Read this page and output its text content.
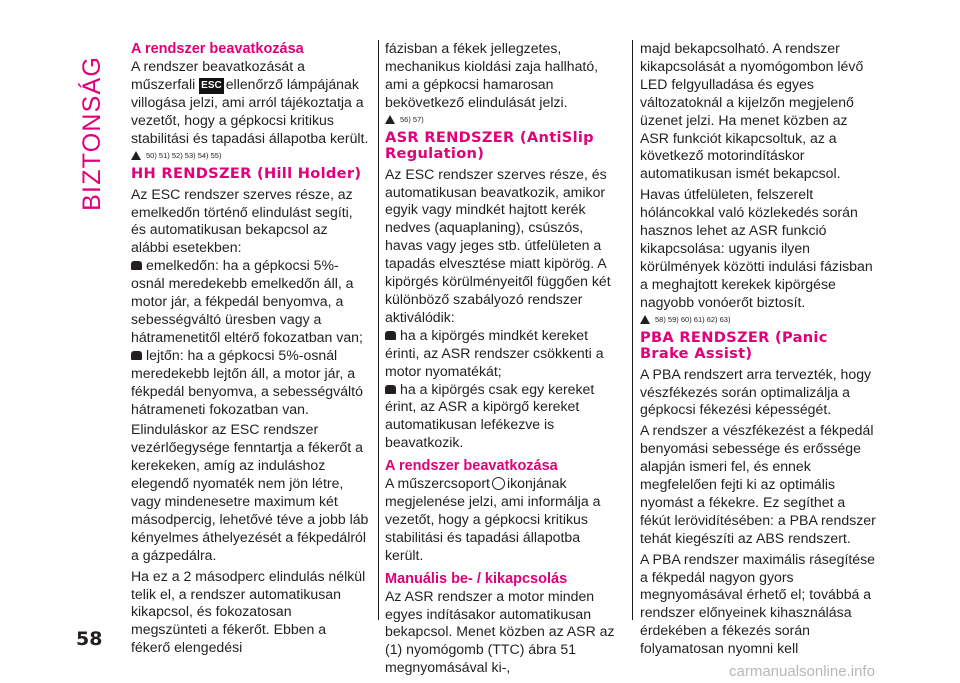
BIZTONSÁG

A rendszer beavatkozása

A rendszer beavatkozását a műszerfali ESC ellenőrző lámpájának villogása jelzi, ami arról tájékoztatja a vezetőt, hogy a gépkocsi kritikus stabilitási és tapadási állapotba került.

50) 51) 52) 53) 54) 55)

HH RENDSZER (Hill Holder)

Az ESC rendszer szerves része, az emelkedőn történő elindulást segíti, és automatikusan bekapcsol az alábbi esetekben:

emelkedőn: ha a gépkocsi 5%-osnál meredekebb emelkedőn áll, a motor jár, a fékpedál benyomva, a sebességváltó üresben vagy a hátramenetitől eltérő fokozatban van;

lejtőn: ha a gépkocsi 5%-osnál meredekebb lejtőn áll, a motor jár, a fékpedál benyomva, a sebességváltó hátrameneti fokozatban van.

Elinduláskor az ESC rendszer vezérlőegysége fenntartja a fékerőt a kerekeken, amíg az induláshoz elegendő nyomaték nem jön létre, vagy mindenesetre maximum két másodpercig, lehetővé téve a jobb láb kényelmes áthelyezését a fékpedálról a gázpedálra.

Ha ez a 2 másodperc elindulás nélkül telik el, a rendszer automatikusan kikapcsol, és fokozatosan megszünteti a fékerőt. Ebben a fékerő elengedési

fázisban a fékek jellegzetes, mechanikus kioldási zaja hallható, ami a gépkocsi hamarosan bekövetkező elindulását jelzi.

56) 57)

ASR RENDSZER (AntiSlip Regulation)

Az ESC rendszer szerves része, és automatikusan beavatkozik, amikor egyik vagy mindkét hajtott kerék nedves (aquaplaning), csúszós, havas vagy jeges stb. útfelületen a tapadás elvesztése miatt kipörög. A kipörgés körülményeitől függően két különböző szabályozó rendszer aktiválódik:

ha a kipörgés mindkét kereket érinti, az ASR rendszer csökkenti a motor nyomatékát;

ha a kipörgés csak egy kereket érint, az ASR a kipörgő kereket automatikusan lefékezve is beavatkozik.

A rendszer beavatkozása

A műszercsoport ikonjának megjelenése jelzi, ami informálja a vezetőt, hogy a gépkocsi kritikus stabilitási és tapadási állapotba került.

Manuális be- / kikapcsolás

Az ASR rendszer a motor minden egyes indításakor automatikusan bekapcsol. Menet közben az ASR az (1) nyomógomb (TTC) ábra 51 megnyomásával ki-,

majd bekapcsolható. A rendszer kikapcsolását a nyomógombon lévő LED felgyulladása és egyes változatoknál a kijelzőn megjelenő üzenet jelzi. Ha menet közben az ASR funkciót kikapcsoltuk, az a következő motorindításkor automatikusan ismét bekapcsol.

Havas útfelületen, felszerelt hóláncokkal való közlekedés során hasznos lehet az ASR funkció kikapcsolása: ugyanis ilyen körülmények közötti indulási fázisban a meghajtott kerekek kipörgése nagyobb vonóerőt biztosít.

58) 59) 60) 61) 62) 63)

PBA RENDSZER (Panic Brake Assist)

A PBA rendszert arra tervezték, hogy vészfékezés során optimalizálja a gépkocsi fékezési képességét.

A rendszer a vészfékezést a fékpedál benyomási sebessége és erőssége alapján ismeri fel, és ennek megfelelően fejti ki az optimális nyomást a fékekre. Ez segíthet a fékút lerövidítésében: a PBA rendszer tehát kiegészíti az ABS rendszert.

A PBA rendszer maximális rásegítése a fékpedál nagyon gyors megnyomásával érhető el; továbbá a rendszer előnyeinek kihasználása érdekében a fékezés során folyamatosan nyomni kell

58
carmanualsonline.info
